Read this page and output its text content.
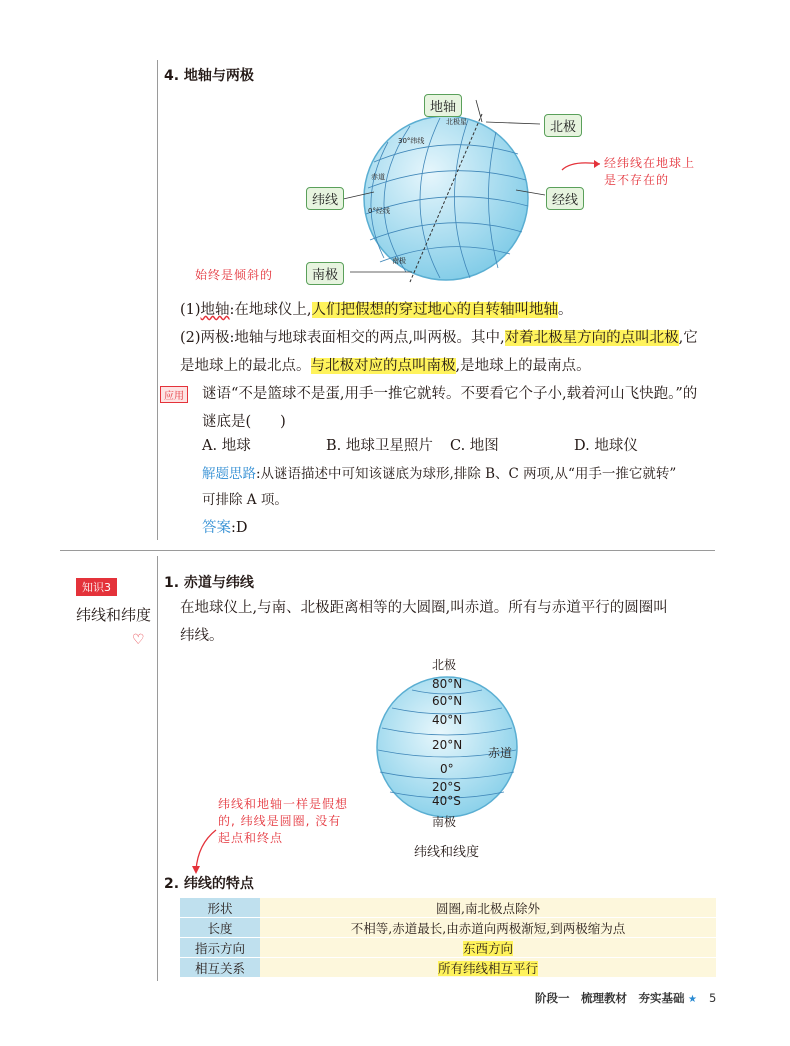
4. 地轴与两极
北极星
30°纬线
赤道
0°经线
南极
地轴
北极
纬线	经线
南极
经纬线在地球上
是不存在的
始终是倾斜的
(1)地轴:在地球仪上,人们把假想的穿过地心的自转轴叫地轴。
(2)两极:地轴与地球表面相交的两点,叫两极。其中,对着北极星方向的点叫北极,它
是地球上的最北点。与北极对应的点叫南极,是地球上的最南点。
应用 谜语“不是篮球不是蛋,用手一推它就转。不要看它个子小,载着河山飞快跑。”的
谜底是(　　)
A. 地球	B. 地球卫星照片 C. 地图	D. 地球仪
解题思路:从谜语描述中可知该谜底为球形,排除 B、C 两项,从“用手一推它就转”
可排除 A 项。
答案:D
知识3
纬线和纬度
♡
1. 赤道与纬线
在地球仪上,与南、北极距离相等的大圆圈,叫赤道。所有与赤道平行的圆圈叫
纬线。
北极
80°N
60°N
40°N
20°N
0°
20°S
40°S
南极
赤道
纬线和地轴一样是假想
的, 纬线是圆圈, 没有
起点和终点
纬线和线度
2. 纬线的特点
形状	圆圈,南北极点除外
长度	不相等,赤道最长,由赤道向两极渐短,到两极缩为点
指示方向	东西方向
相互关系	所有纬线相互平行
阶段一　梳理教材　夯实基础 ★ 5
